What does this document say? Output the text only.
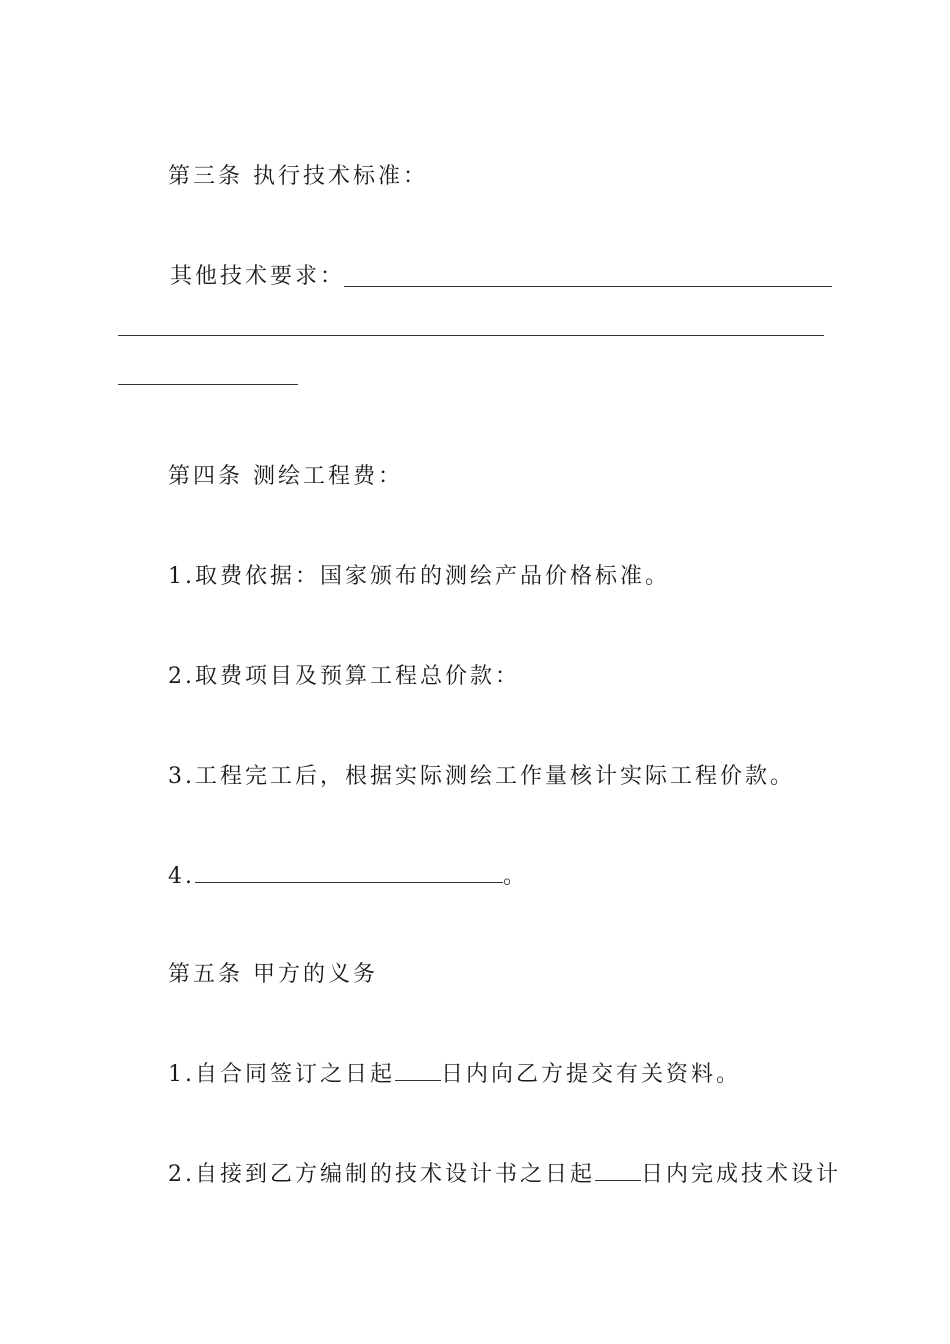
第三条 执行技术标准：
其他技术要求：
第四条 测绘工程费：
1.取费依据：国家颁布的测绘产品价格标准。
2.取费项目及预算工程总价款：
3.工程完工后，根据实际测绘工作量核计实际工程价款。
4.	。
第五条 甲方的义务
1.自合同签订之日起 日内向乙方提交有关资料。
2.自接到乙方编制的技术设计书之日起 日内完成技术设计
